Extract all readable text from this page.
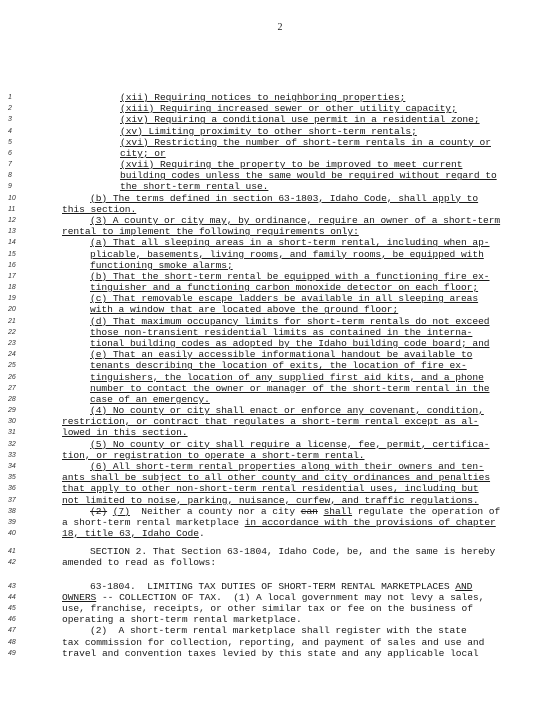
2
1	(xii) Requiring notices to neighboring properties;
2	(xiii) Requiring increased sewer or other utility capacity;
3	(xiv) Requiring a conditional use permit in a residential zone;
4	(xv) Limiting proximity to other short-term rentals;
5	(xvi) Restricting the number of short-term rentals in a county or
6	city; or
7	(xvii) Requiring the property to be improved to meet current
8	building codes unless the same would be required without regard to
9	the short-term rental use.
10	(b) The terms defined in section 63-1803, Idaho Code, shall apply to
11	this section.
12	(3) A county or city may, by ordinance, require an owner of a short-term
13	rental to implement the following requirements only:
14	(a) That all sleeping areas in a short-term rental, including when ap-
15	plicable, basements, living rooms, and family rooms, be equipped with
16	functioning smoke alarms;
17	(b) That the short-term rental be equipped with a functioning fire ex-
18	tinguisher and a functioning carbon monoxide detector on each floor;
19	(c) That removable escape ladders be available in all sleeping areas
20	with a window that are located above the ground floor;
21	(d) That maximum occupancy limits for short-term rentals do not exceed
22	those non-transient residential limits as contained in the interna-
23	tional building codes as adopted by the Idaho building code board; and
24	(e) That an easily accessible informational handout be available to
25	tenants describing the location of exits, the location of fire ex-
26	tinguishers, the location of any supplied first aid kits, and a phone
27	number to contact the owner or manager of the short-term rental in the
28	case of an emergency.
29	(4) No county or city shall enact or enforce any covenant, condition,
30	restriction, or contract that regulates a short-term rental except as al-
31	lowed in this section.
32	(5) No county or city shall require a license, fee, permit, certifica-
33	tion, or registration to operate a short-term rental.
34	(6) All short-term rental properties along with their owners and ten-
35	ants shall be subject to all other county and city ordinances and penalties
36	that apply to other non-short-term rental residential uses, including but
37	not limited to noise, parking, nuisance, curfew, and traffic regulations.
38	(2) (7)  Neither a county nor a city can shall regulate the operation of
39	a short-term rental marketplace in accordance with the provisions of chapter
40	18, title 63, Idaho Code.
41	SECTION 2. That Section 63-1804, Idaho Code, be, and the same is hereby
42	amended to read as follows:
43	63-1804.  LIMITING TAX DUTIES OF SHORT-TERM RENTAL MARKETPLACES AND
44	OWNERS -- COLLECTION OF TAX.  (1) A local government may not levy a sales,
45	use, franchise, receipts, or other similar tax or fee on the business of
46	operating a short-term rental marketplace.
47	(2)  A short-term rental marketplace shall register with the state
48	tax commission for collection, reporting, and payment of sales and use and
49	travel and convention taxes levied by this state and any applicable local
